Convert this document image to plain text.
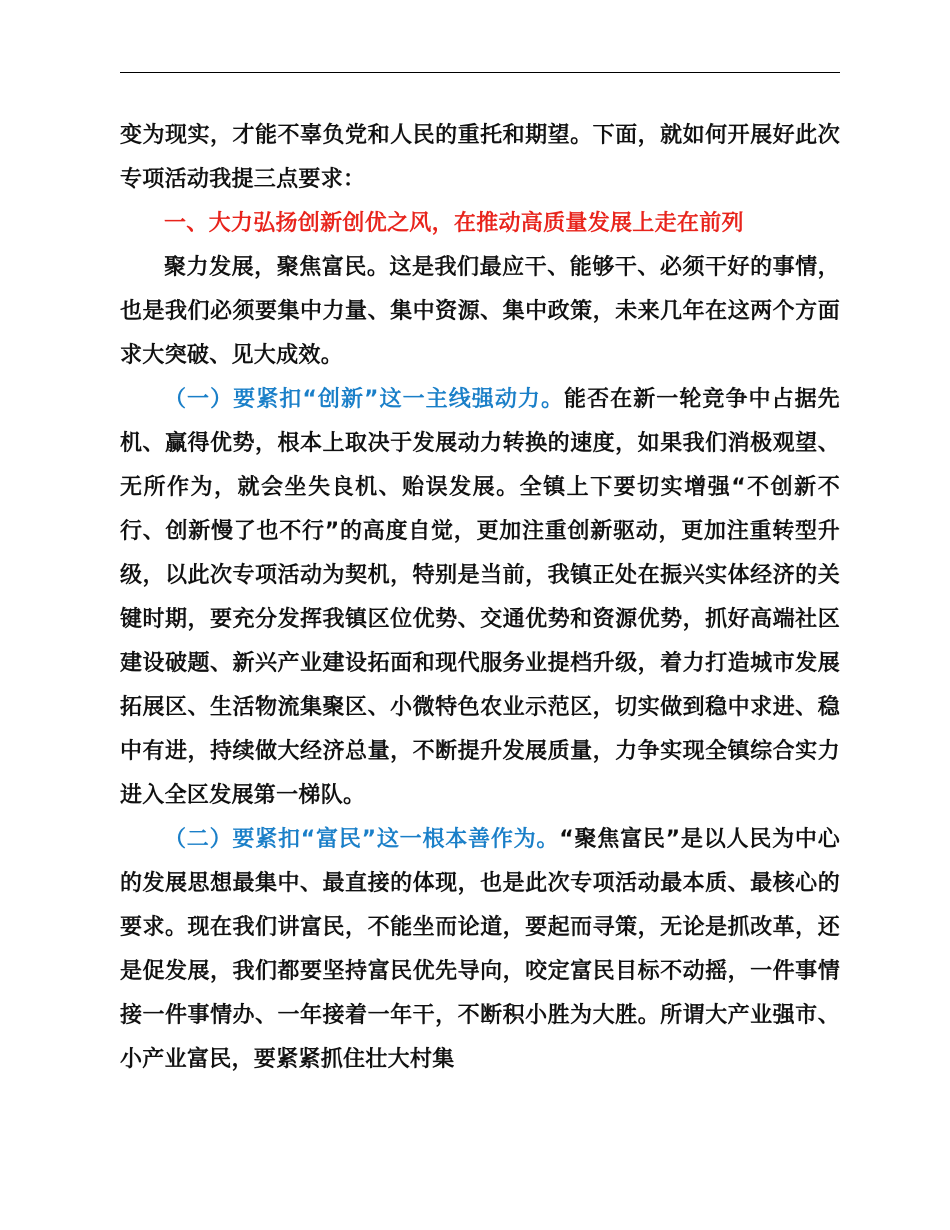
变为现实，才能不辜负党和人民的重托和期望。下面，就如何开展好此次专项活动我提三点要求：

一、大力弘扬创新创优之风，在推动高质量发展上走在前列

聚力发展，聚焦富民。这是我们最应干、能够干、必须干好的事情，也是我们必须要集中力量、集中资源、集中政策，未来几年在这两个方面求大突破、见大成效。

（一）要紧扣“创新”这一主线强动力。能否在新一轮竞争中占据先机、赢得优势，根本上取决于发展动力转换的速度，如果我们消极观望、无所作为，就会坐失良机、贻误发展。全镇上下要切实增强“不创新不行、创新慢了也不行”的高度自觉，更加注重创新驱动，更加注重转型升级，以此次专项活动为契机，特别是当前，我镇正处在振兴实体经济的关键时期，要充分发挥我镇区位优势、交通优势和资源优势，抓好高端社区建设破题、新兴产业建设拓面和现代服务业提档升级，着力打造城市发展拓展区、生活物流集聚区、小微特色农业示范区，切实做到稳中求进、稳中有进，持续做大经济总量，不断提升发展质量，力争实现全镇综合实力进入全区发展第一梯队。

（二）要紧扣“富民”这一根本善作为。“聚焦富民”是以人民为中心的发展思想最集中、最直接的体现，也是此次专项活动最本质、最核心的要求。现在我们讲富民，不能坐而论道，要起而寻策，无论是抓改革，还是促发展，我们都要坚持富民优先导向，咬定富民目标不动摇，一件事情接一件事情办、一年接着一年干，不断积小胜为大胜。所谓大产业强市、小产业富民，要紧紧抓住壮大村集
